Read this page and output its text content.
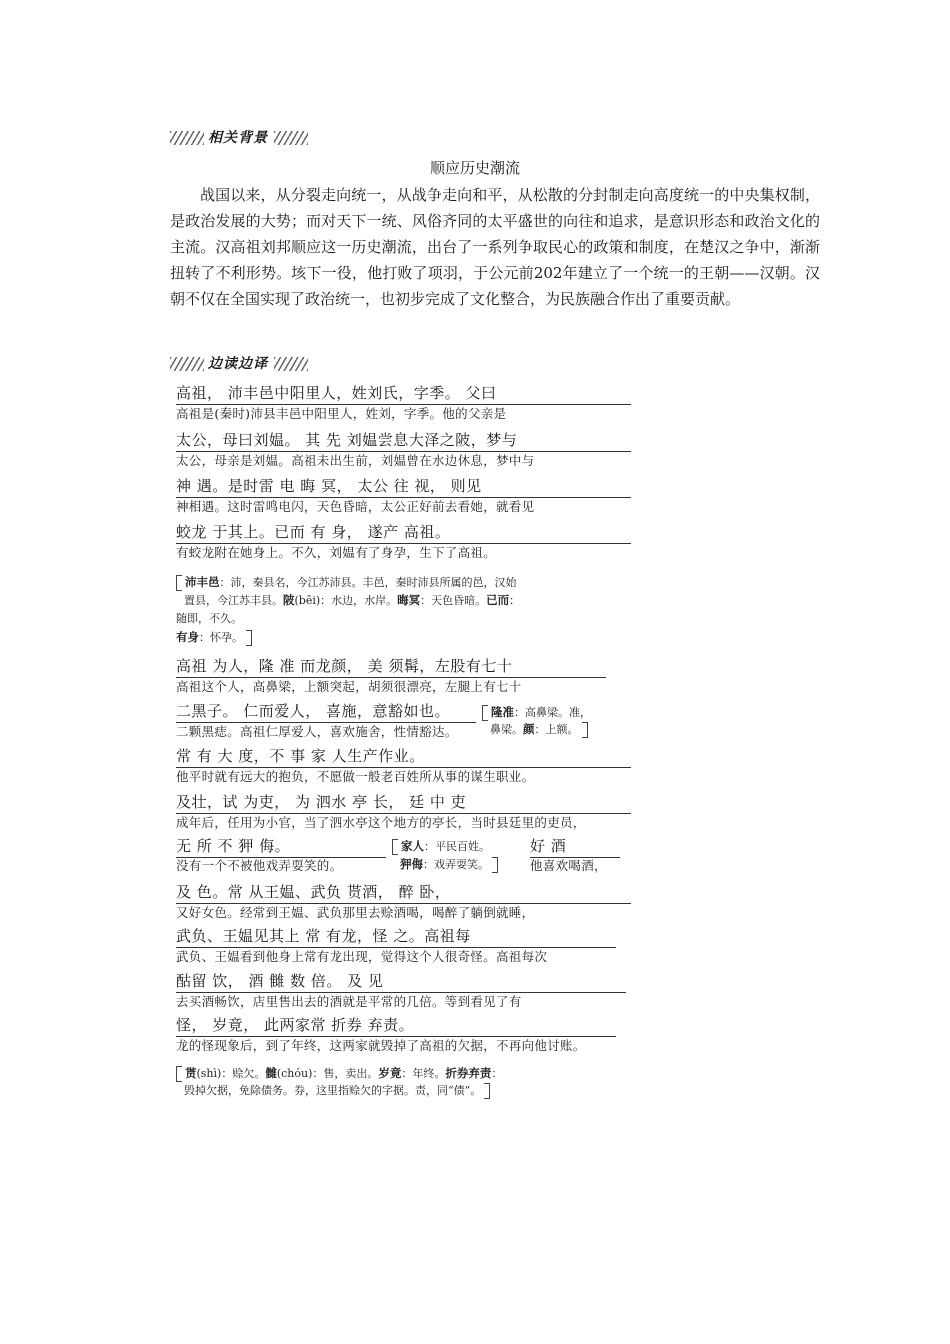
相关背景
顺应历史潮流
战国以来，从分裂走向统一，从战争走向和平，从松散的分封制走向高度统一的中央集权制，是政治发展的大势；而对天下一统、风俗齐同的太平盛世的向往和追求，是意识形态和政治文化的主流。汉高祖刘邦顺应这一历史潮流，出台了一系列争取民心的政策和制度，在楚汉之争中，渐渐扭转了不利形势。垓下一役，他打败了项羽，于公元前202年建立了一个统一的王朝——汉朝。汉朝不仅在全国实现了政治统一，也初步完成了文化整合，为民族融合作出了重要贡献。
边读边译
高祖， 沛丰邑中阳里人，姓刘氏，字季。 父曰
高祖是(秦时)沛县丰邑中阳里人，姓刘，字季。他的父亲是
太公，母曰刘媪。 其 先 刘媪尝息大泽之陂，梦与
太公，母亲是刘媪。高祖未出生前，刘媪曾在水边休息，梦中与
神 遇。是时雷 电 晦 冥， 太公 往 视， 则见
神相遇。这时雷鸣电闪，天色昏暗，太公正好前去看她，就看见
蛟龙 于其上。已而 有 身， 遂产 高祖。
有蛟龙附在她身上。不久，刘媪有了身孕，生下了高祖。
沛丰邑：沛，秦县名，今江苏沛县。丰邑，秦时沛县所属的邑，汉始
置县，今江苏丰县。陂(bēi)：水边，水岸。晦冥：天色昏暗。已而：
随即，不久。
有身：怀孕。
高祖 为人，隆 准 而龙颜， 美 须髯，左股有七十
高祖这个人，高鼻梁，上额突起，胡须很漂亮，左腿上有七十
二黑子。 仁而爱人， 喜施，意豁如也。
二颗黑痣。高祖仁厚爱人，喜欢施舍，性情豁达。
隆准：高鼻梁。准，
鼻梁。颜：上额。
常 有 大 度，不 事 家 人生产作业。
他平时就有远大的抱负，不愿做一般老百姓所从事的谋生职业。
及壮，试 为吏， 为 泗水 亭 长， 廷 中 吏
成年后，任用为小官，当了泗水亭这个地方的亭长，当时县廷里的吏员，
无 所 不 狎 侮。
没有一个不被他戏弄耍笑的。
家人：平民百姓。
狎侮：戏弄耍笑。
好 酒
他喜欢喝酒，
及 色。常 从王媪、武负 贳酒， 醉 卧，
又好女色。经常到王媪、武负那里去赊酒喝，喝醉了躺倒就睡，
武负、王媪见其上 常 有龙，怪 之。高祖每
武负、王媪看到他身上常有龙出现，觉得这个人很奇怪。高祖每次
酤留 饮， 酒 雠 数 倍。 及 见
去买酒畅饮，店里售出去的酒就是平常的几倍。等到看见了有
怪， 岁竟， 此两家常 折券 弃责。
龙的怪现象后，到了年终，这两家就毁掉了高祖的欠据，不再向他讨账。
贳(shì)：赊欠。雠(chóu)：售，卖出。岁竟：年终。折券弃责：
毁掉欠据，免除债务。券，这里指赊欠的字据。责，同“债”。
